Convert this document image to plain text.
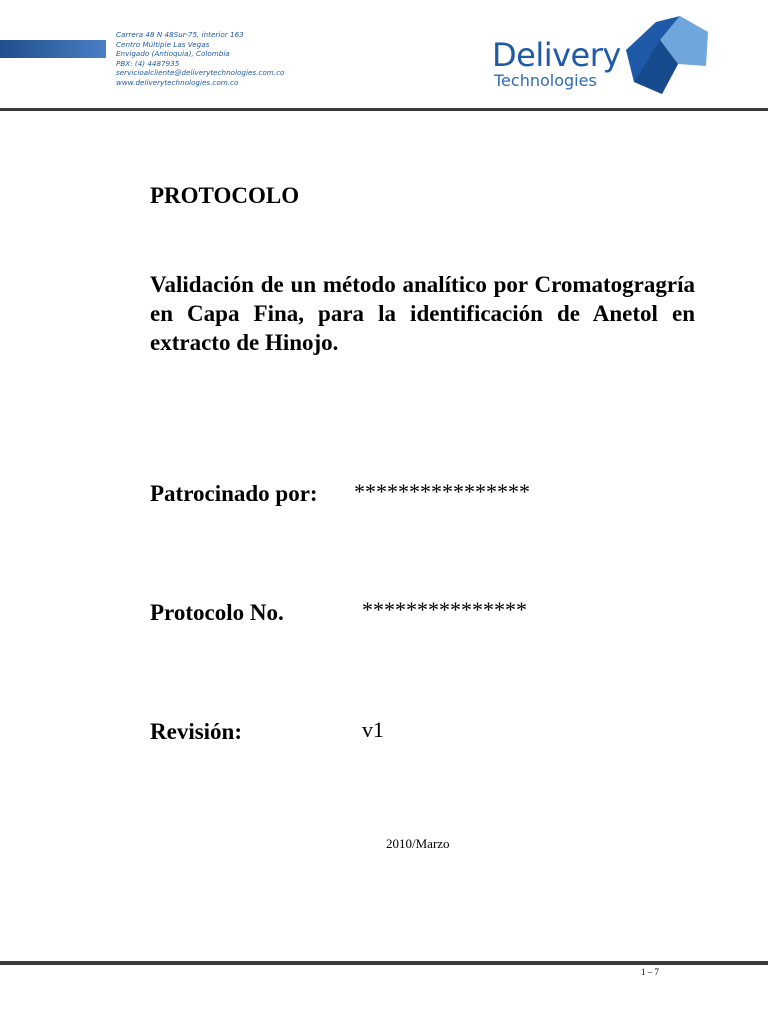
Carrera 48 N 48Sur-75, interior 163
Centro Múltiple Las Vegas
Envigado (Antioquia), Colombia
PBX: (4) 4487935
servicioalcliente@deliverytechnologies.com.co
www.deliverytechnologies.com.co
Delivery
Technologies
PROTOCOLO
Validación de un método analítico por Cromatogragría en Capa Fina, para la identificación de Anetol en extracto de Hinojo.
Patrocinado por: ****************
Protocolo No.	***************
Revisión:	v1
2010/Marzo
1 – 7
